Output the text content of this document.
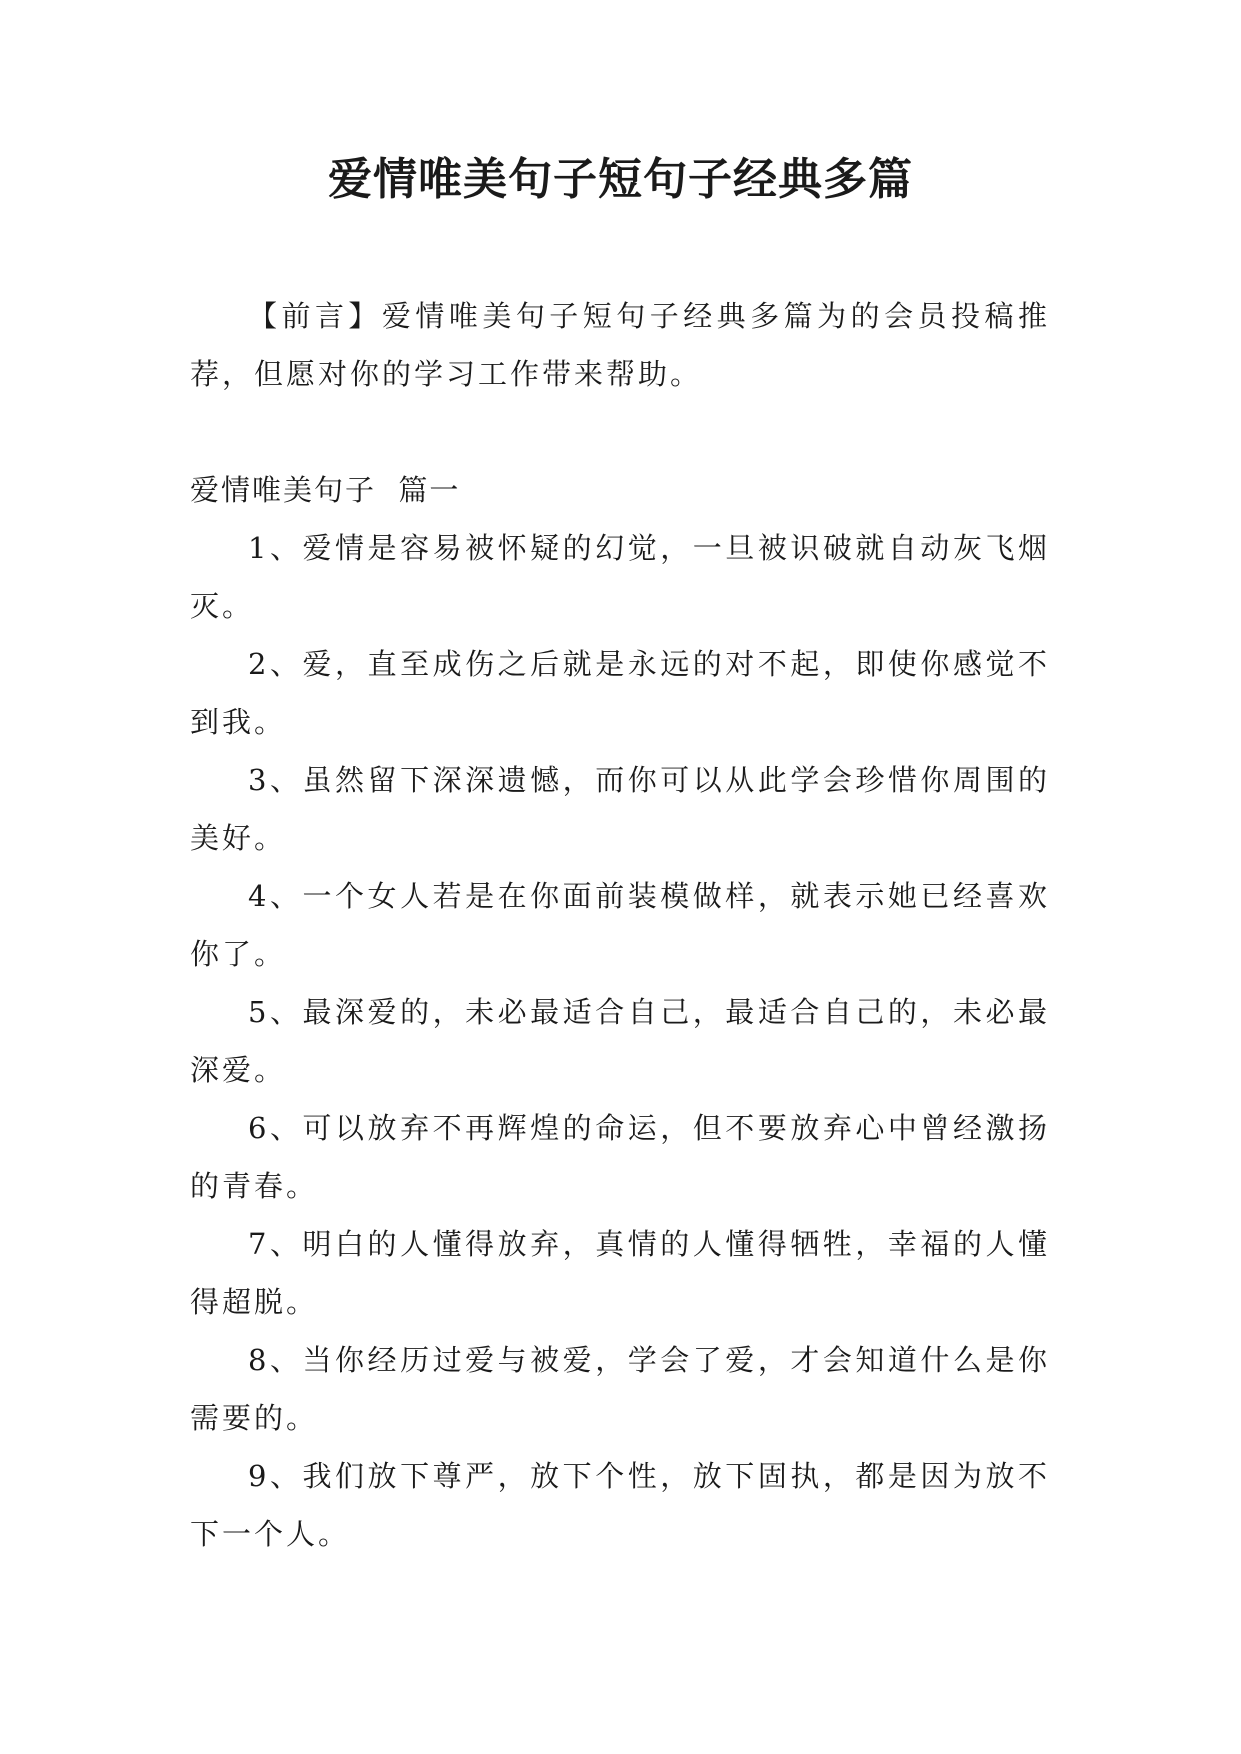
爱情唯美句子短句子经典多篇

【前言】爱情唯美句子短句子经典多篇为的会员投稿推荐，但愿对你的学习工作带来帮助。

爱情唯美句子  篇一

1、爱情是容易被怀疑的幻觉，一旦被识破就自动灰飞烟灭。

2、爱，直至成伤之后就是永远的对不起，即使你感觉不到我。

3、虽然留下深深遗憾，而你可以从此学会珍惜你周围的美好。

4、一个女人若是在你面前装模做样，就表示她已经喜欢你了。

5、最深爱的，未必最适合自己，最适合自己的，未必最深爱。

6、可以放弃不再辉煌的命运，但不要放弃心中曾经激扬的青春。

7、明白的人懂得放弃，真情的人懂得牺牲，幸福的人懂得超脱。

8、当你经历过爱与被爱，学会了爱，才会知道什么是你需要的。

9、我们放下尊严，放下个性，放下固执，都是因为放不下一个人。
